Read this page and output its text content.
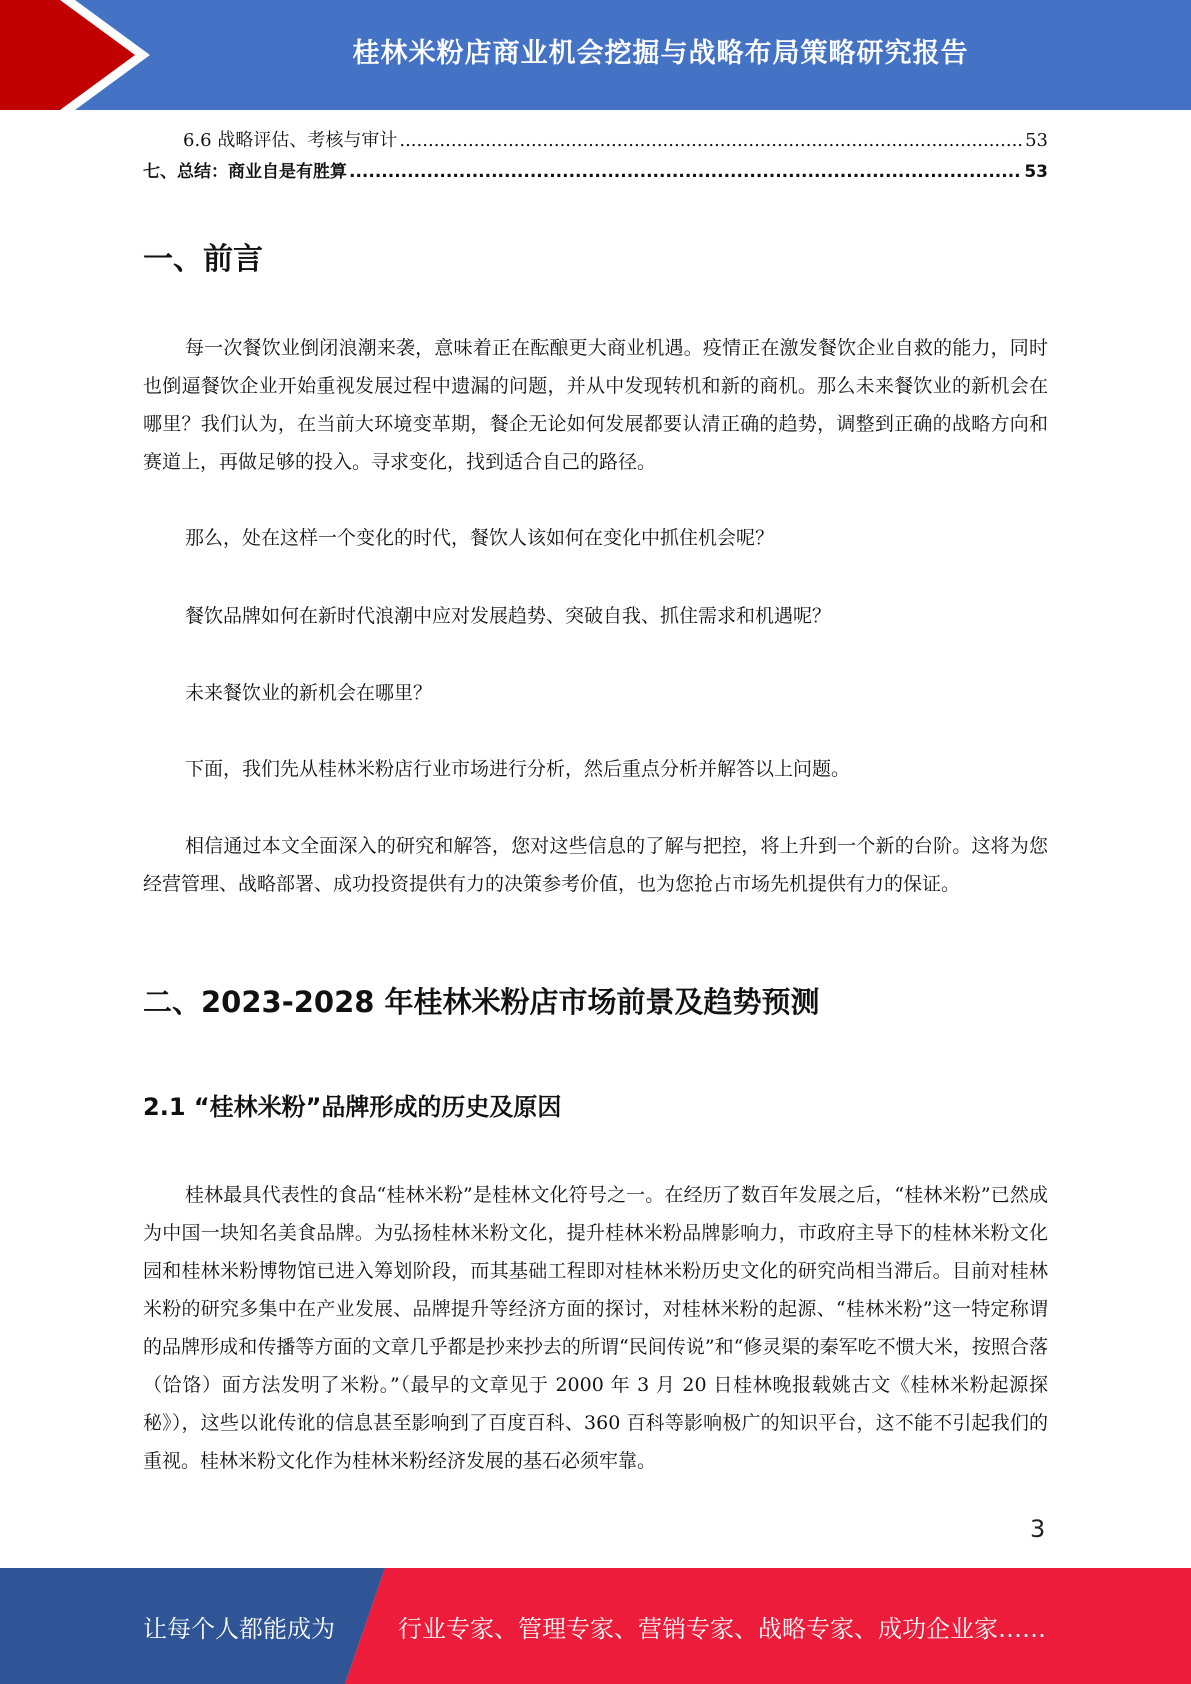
桂林米粉店商业机会挖掘与战略布局策略研究报告
6.6 战略评估、考核与审计 .....	53
七、总结：商业自是有胜算 .....	53
一、前言

每一次餐饮业倒闭浪潮来袭，意味着正在酝酿更大商业机遇。疫情正在激发餐饮企业自救的能力，同时也倒逼餐饮企业开始重视发展过程中遗漏的问题，并从中发现转机和新的商机。那么未来餐饮业的新机会在哪里？我们认为，在当前大环境变革期，餐企无论如何发展都要认清正确的趋势，调整到正确的战略方向和赛道上，再做足够的投入。寻求变化，找到适合自己的路径。

那么，处在这样一个变化的时代，餐饮人该如何在变化中抓住机会呢？

餐饮品牌如何在新时代浪潮中应对发展趋势、突破自我、抓住需求和机遇呢？

未来餐饮业的新机会在哪里？

下面，我们先从桂林米粉店行业市场进行分析，然后重点分析并解答以上问题。

相信通过本文全面深入的研究和解答，您对这些信息的了解与把控，将上升到一个新的台阶。这将为您经营管理、战略部署、成功投资提供有力的决策参考价值，也为您抢占市场先机提供有力的保证。

二、2023-2028 年桂林米粉店市场前景及趋势预测
2.1 “桂林米粉”品牌形成的历史及原因

桂林最具代表性的食品“桂林米粉”是桂林文化符号之一。在经历了数百年发展之后，“桂林米粉”已然成为中国一块知名美食品牌。为弘扬桂林米粉文化，提升桂林米粉品牌影响力，市政府主导下的桂林米粉文化园和桂林米粉博物馆已进入筹划阶段，而其基础工程即对桂林米粉历史文化的研究尚相当滞后。目前对桂林米粉的研究多集中在产业发展、品牌提升等经济方面的探讨，对桂林米粉的起源、“桂林米粉”这一特定称谓的品牌形成和传播等方面的文章几乎都是抄来抄去的所谓“民间传说”和“修灵渠的秦军吃不惯大米，按照合落（饸饹）面方法发明了米粉。”（最早的文章见于 2000 年 3 月 20 日桂林晚报载姚古文《桂林米粉起源探秘》），这些以讹传讹的信息甚至影响到了百度百科、360 百科等影响极广的知识平台，这不能不引起我们的重视。桂林米粉文化作为桂林米粉经济发展的基石必须牢靠。

3
让每个人都能成为	行业专家、管理专家、营销专家、战略专家、成功企业家……
